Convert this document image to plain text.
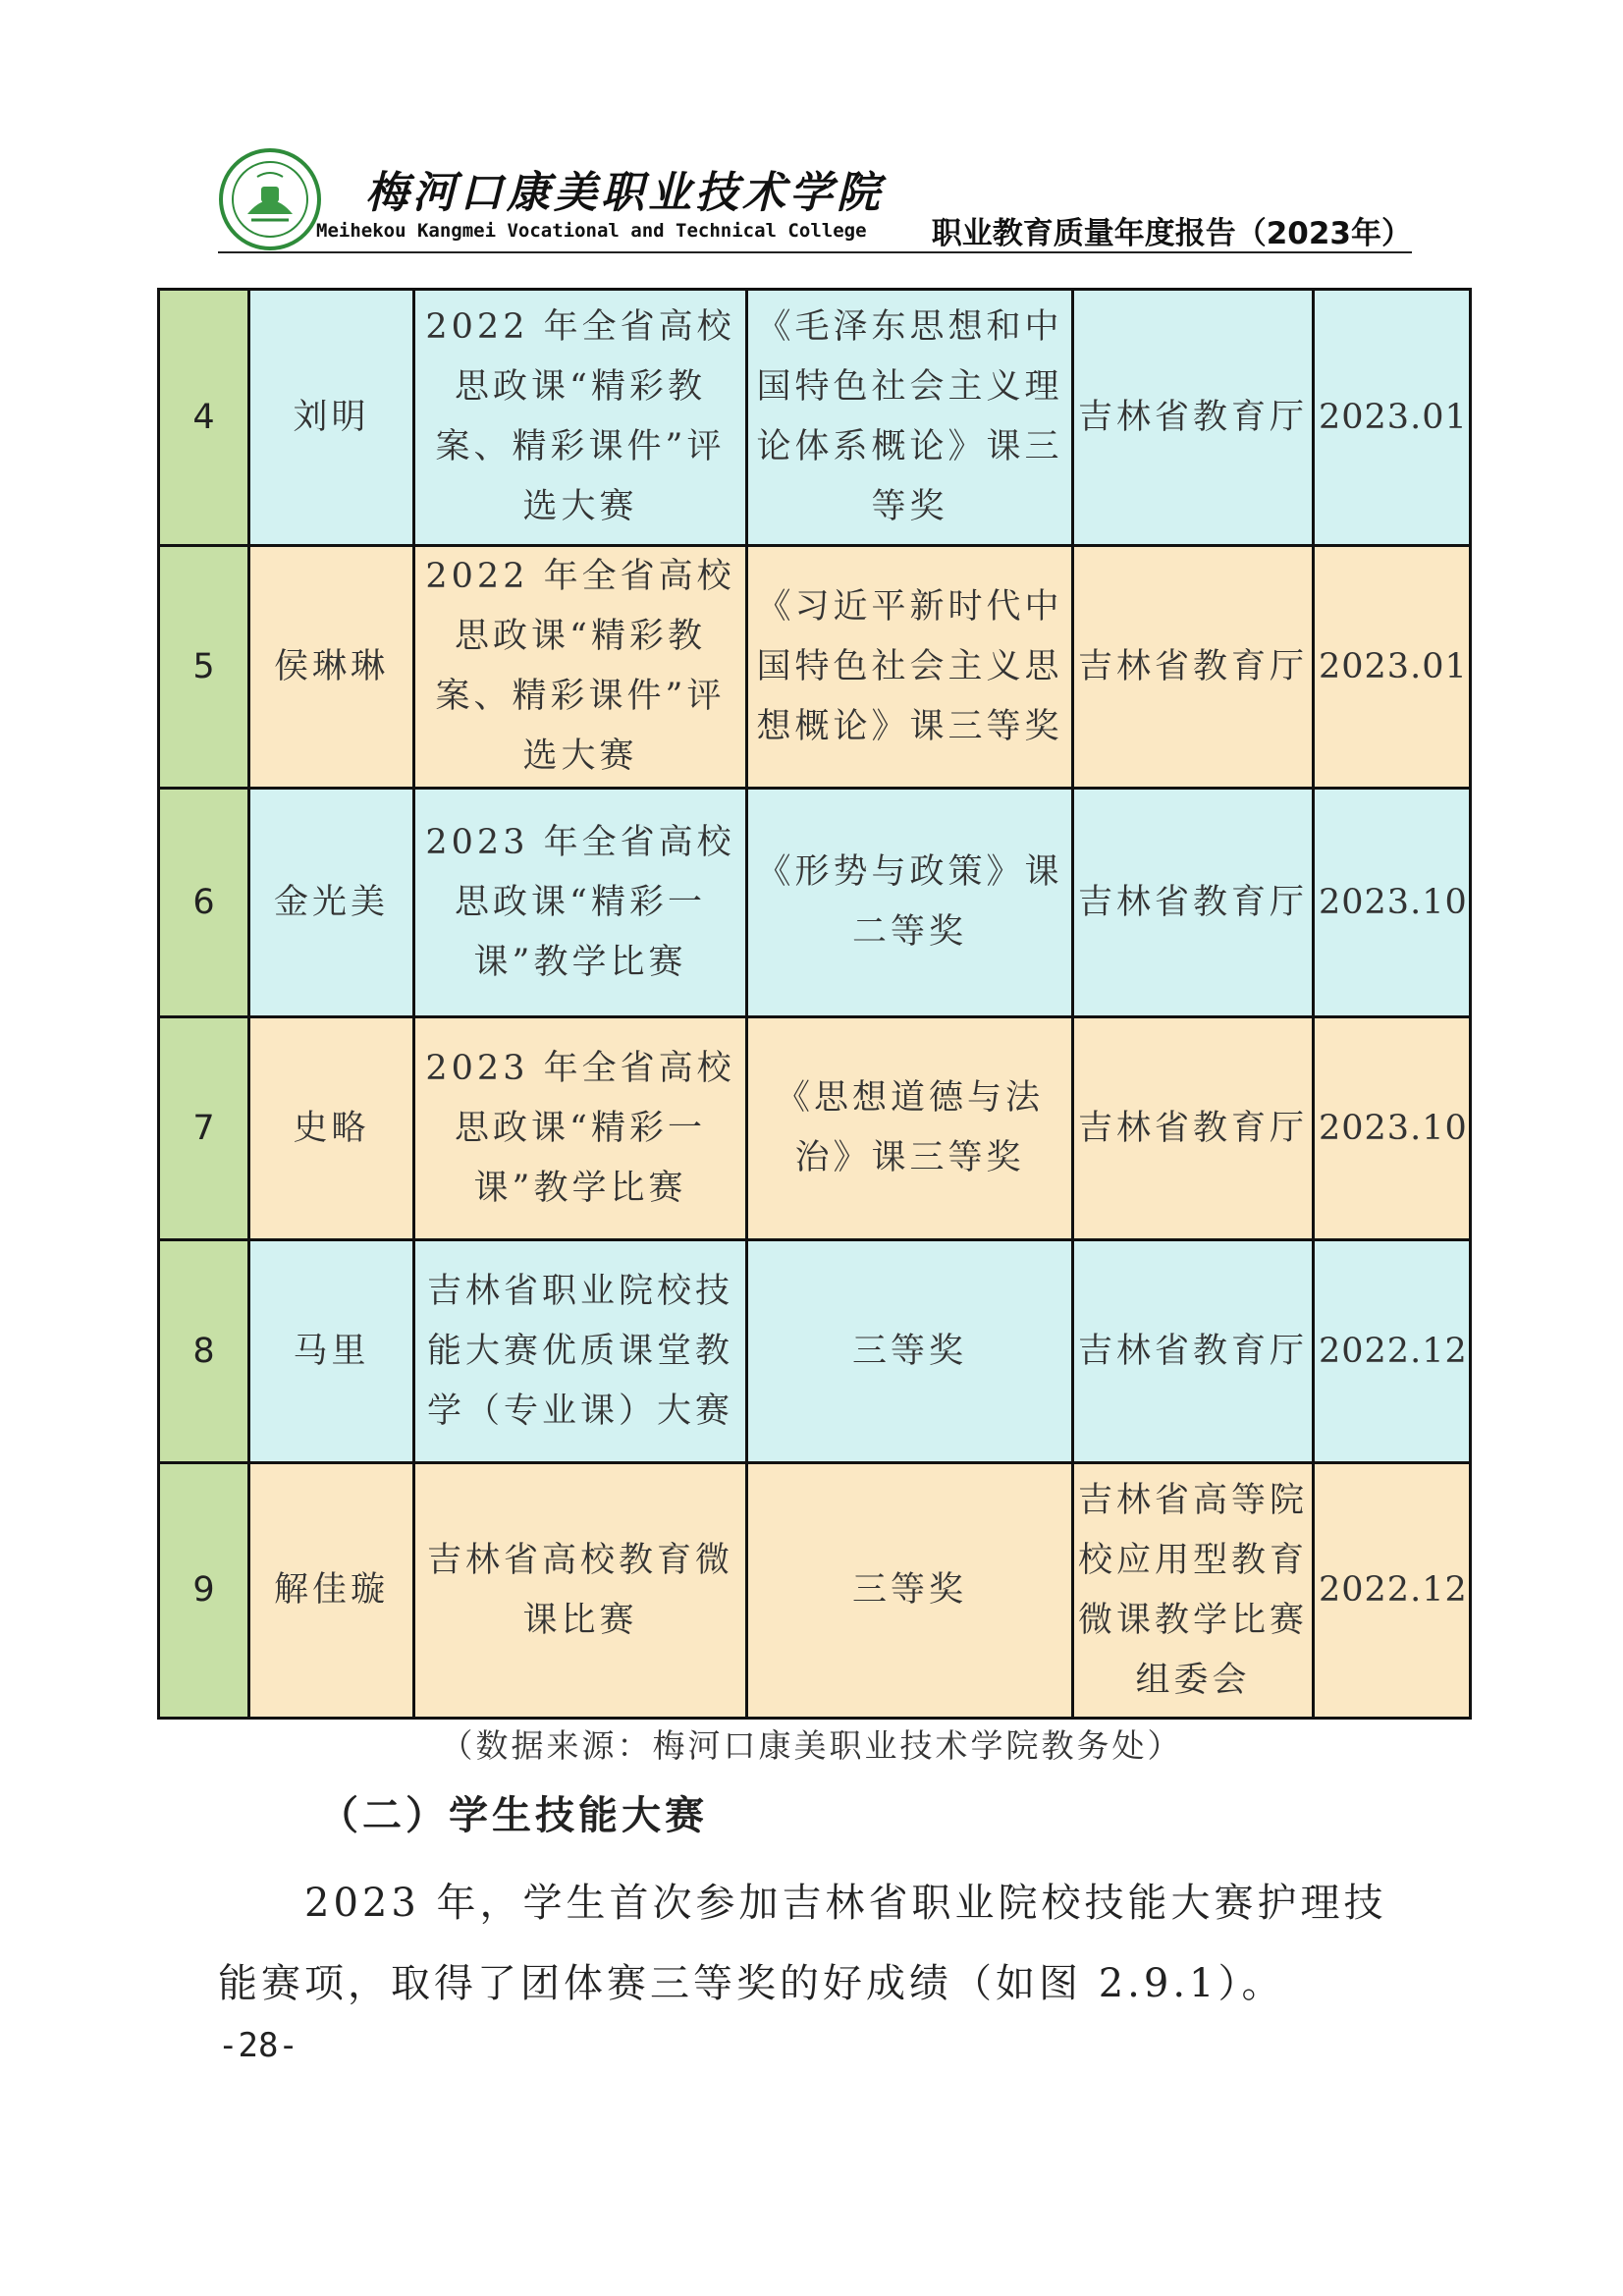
梅河口康美职业技术学院
Meihekou Kangmei Vocational and Technical College 职业教育质量年度报告（2023年）
4	刘明	2022 年全省高校思政课“精彩教案、精彩课件”评选大赛	《毛泽东思想和中国特色社会主义理论体系概论》课三等奖	吉林省教育厅	2023.01
5	侯琳琳	2022 年全省高校思政课“精彩教案、精彩课件”评选大赛	《习近平新时代中国特色社会主义思想概论》课三等奖	吉林省教育厅	2023.01
6	金光美	2023 年全省高校思政课“精彩一课”教学比赛	《形势与政策》课二等奖	吉林省教育厅	2023.10
7	史略	2023 年全省高校思政课“精彩一课”教学比赛	《思想道德与法治》课三等奖	吉林省教育厅	2023.10
8	马里	吉林省职业院校技能大赛优质课堂教学（专业课）大赛	三等奖	吉林省教育厅	2022.12
9	解佳璇	吉林省高校教育微课比赛	三等奖	吉林省高等院校应用型教育微课教学比赛组委会	2022.12
（数据来源：梅河口康美职业技术学院教务处）
（二）学生技能大赛

2023 年，学生首次参加吉林省职业院校技能大赛护理技能赛项，取得了团体赛三等奖的好成绩（如图 2.9.1）。

-28-
